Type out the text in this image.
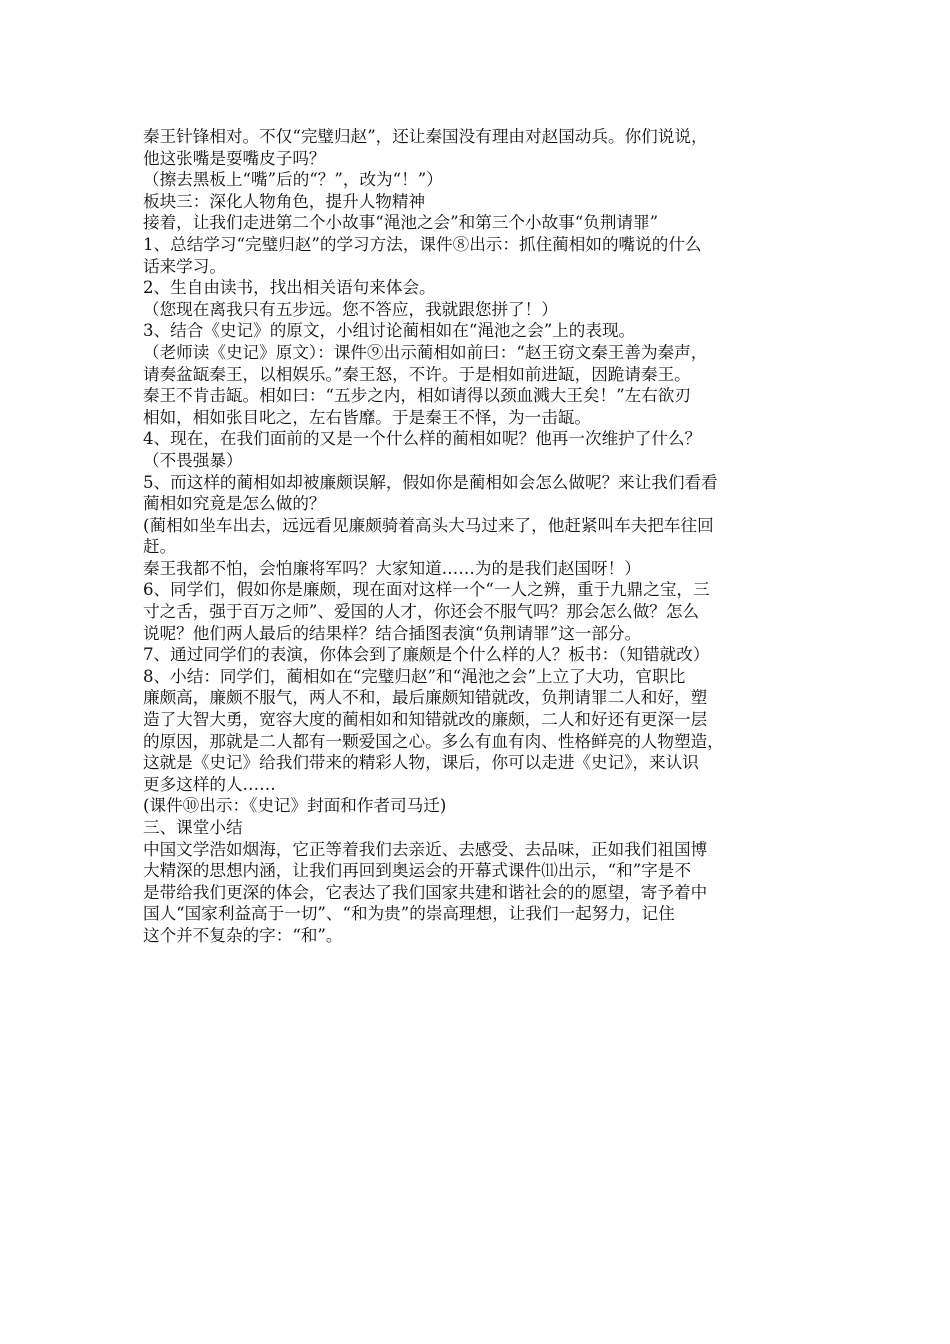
秦王针锋相对。不仅“完璧归赵”，还让秦国没有理由对赵国动兵。你们说说，

他这张嘴是耍嘴皮子吗？

（擦去黑板上“嘴”后的“？”，改为“！”）

板块三：深化人物角色，提升人物精神

接着，让我们走进第二个小故事“渑池之会”和第三个小故事“负荆请罪”

1、总结学习“完璧归赵”的学习方法，课件⑧出示：抓住蔺相如的嘴说的什么

话来学习。

2、生自由读书，找出相关语句来体会。

（您现在离我只有五步远。您不答应，我就跟您拼了！）

3、结合《史记》的原文，小组讨论蔺相如在“渑池之会”上的表现。

（老师读《史记》原文）：课件⑨出示蔺相如前曰：“赵王窃文秦王善为秦声，

请奏盆缻秦王，以相娱乐。”秦王怒，不许。于是相如前进缻，因跪请秦王。

秦王不肯击缻。相如曰：“五步之内，相如请得以颈血溅大王矣！”左右欲刃

相如，相如张目叱之，左右皆靡。于是秦王不怿，为一击缻。

4、现在，在我们面前的又是一个什么样的蔺相如呢？他再一次维护了什么？

（不畏强暴）

5、而这样的蔺相如却被廉颇误解，假如你是蔺相如会怎么做呢？来让我们看看

蔺相如究竟是怎么做的？

(蔺相如坐车出去，远远看见廉颇骑着高头大马过来了，他赶紧叫车夫把车往回

赶。

秦王我都不怕，会怕廉将军吗？大家知道……为的是我们赵国呀！）

6、同学们，假如你是廉颇，现在面对这样一个“一人之辨，重于九鼎之宝，三

寸之舌，强于百万之师”、爱国的人才，你还会不服气吗？那会怎么做？怎么

说呢？他们两人最后的结果样？结合插图表演“负荆请罪”这一部分。

7、通过同学们的表演，你体会到了廉颇是个什么样的人？板书：（知错就改）

8、小结：同学们，蔺相如在“完璧归赵”和“渑池之会”上立了大功，官职比

廉颇高，廉颇不服气，两人不和，最后廉颇知错就改，负荆请罪二人和好，塑

造了大智大勇，宽容大度的蔺相如和知错就改的廉颇，二人和好还有更深一层

的原因，那就是二人都有一颗爱国之心。多么有血有肉、性格鲜亮的人物塑造，

这就是《史记》给我们带来的精彩人物，课后，你可以走进《史记》，来认识

更多这样的人……

(课件⑩出示：《史记》封面和作者司马迁)

三、课堂小结

中国文学浩如烟海，它正等着我们去亲近、去感受、去品味，正如我们祖国博

大精深的思想内涵，让我们再回到奥运会的开幕式课件⑾出示，“和”字是不

是带给我们更深的体会，它表达了我们国家共建和谐社会的的愿望，寄予着中

国人“国家利益高于一切”、“和为贵”的崇高理想，让我们一起努力，记住

这个并不复杂的字：“和”。
